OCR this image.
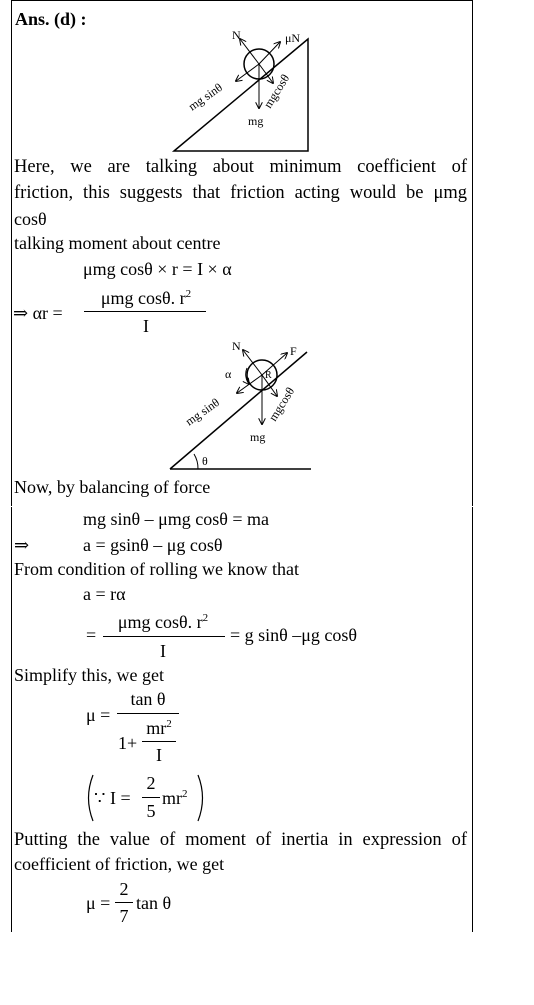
Ans. (d) :
N	μN
mg sinθ	mgcosθ
mg
Here, we are talking about minimum coefficient of
friction, this suggests that friction acting would be μmg
cosθ
talking moment about centre
μmg cosθ × r = I × α
⇒ αr =
μmg cosθ. $r^2$
I
θ
N	F
α	R
mg sinθ	mgcosθ
mg
Now, by balancing of force
mg sinθ – μmg cosθ = ma
⇒	a = gsinθ – μg cosθ
From condition of rolling we know that
a = rα
=
μmg cosθ. $r^2$
I
= g sinθ –μg cosθ
Simplify this, we get
μ =
tan θ
1+
$mr^2$
I
∵ I =
2
5
$mr^2$
Putting the value of moment of inertia in expression of
coefficient of friction, we get
μ =
2
7
tan θ
